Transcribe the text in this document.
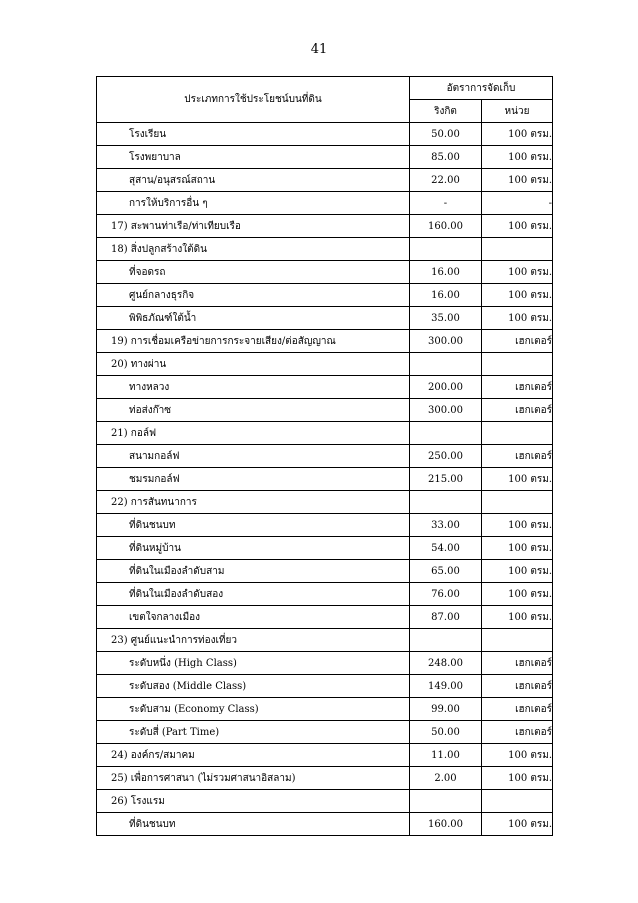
41
ประเภทการใช้ประโยชน์บนที่ดิน	อัตราการจัดเก็บ	
	ริงกิต	หน่วย
โรงเรียน	50.00	100 ตรม.
โรงพยาบาล	85.00	100 ตรม.
สุสาน/อนุสรณ์สถาน	22.00	100 ตรม.
การให้บริการอื่น ๆ	-	-
17) สะพานท่าเรือ/ท่าเทียบเรือ	160.00	100 ตรม.
18) สิ่งปลูกสร้างใต้ดิน		
ที่จอดรถ	16.00	100 ตรม.
ศูนย์กลางธุรกิจ	16.00	100 ตรม.
พิพิธภัณฑ์ใต้น้ำ	35.00	100 ตรม.
19) การเชื่อมเครือข่ายการกระจายเสียง/ต่อสัญญาณ	300.00	เฮกเตอร์
20) ทางผ่าน		
ทางหลวง	200.00	เฮกเตอร์
ท่อส่งก๊าซ	300.00	เฮกเตอร์
21) กอล์ฟ		
สนามกอล์ฟ	250.00	เฮกเตอร์
ชมรมกอล์ฟ	215.00	100 ตรม.
22) การสันทนาการ		
ที่ดินชนบท	33.00	100 ตรม.
ที่ดินหมู่บ้าน	54.00	100 ตรม.
ที่ดินในเมืองลำดับสาม	65.00	100 ตรม.
ที่ดินในเมืองลำดับสอง	76.00	100 ตรม.
เขตใจกลางเมือง	87.00	100 ตรม.
23) ศูนย์แนะนำการท่องเที่ยว		
ระดับหนึ่ง (High Class)	248.00	เฮกเตอร์
ระดับสอง (Middle Class)	149.00	เฮกเตอร์
ระดับสาม (Economy Class)	99.00	เฮกเตอร์
ระดับสี่ (Part Time)	50.00	เฮกเตอร์
24) องค์กร/สมาคม	11.00	100 ตรม.
25) เพื่อการศาสนา (ไม่รวมศาสนาอิสลาม)	2.00	100 ตรม.
26) โรงแรม		
ที่ดินชนบท	160.00	100 ตรม.
